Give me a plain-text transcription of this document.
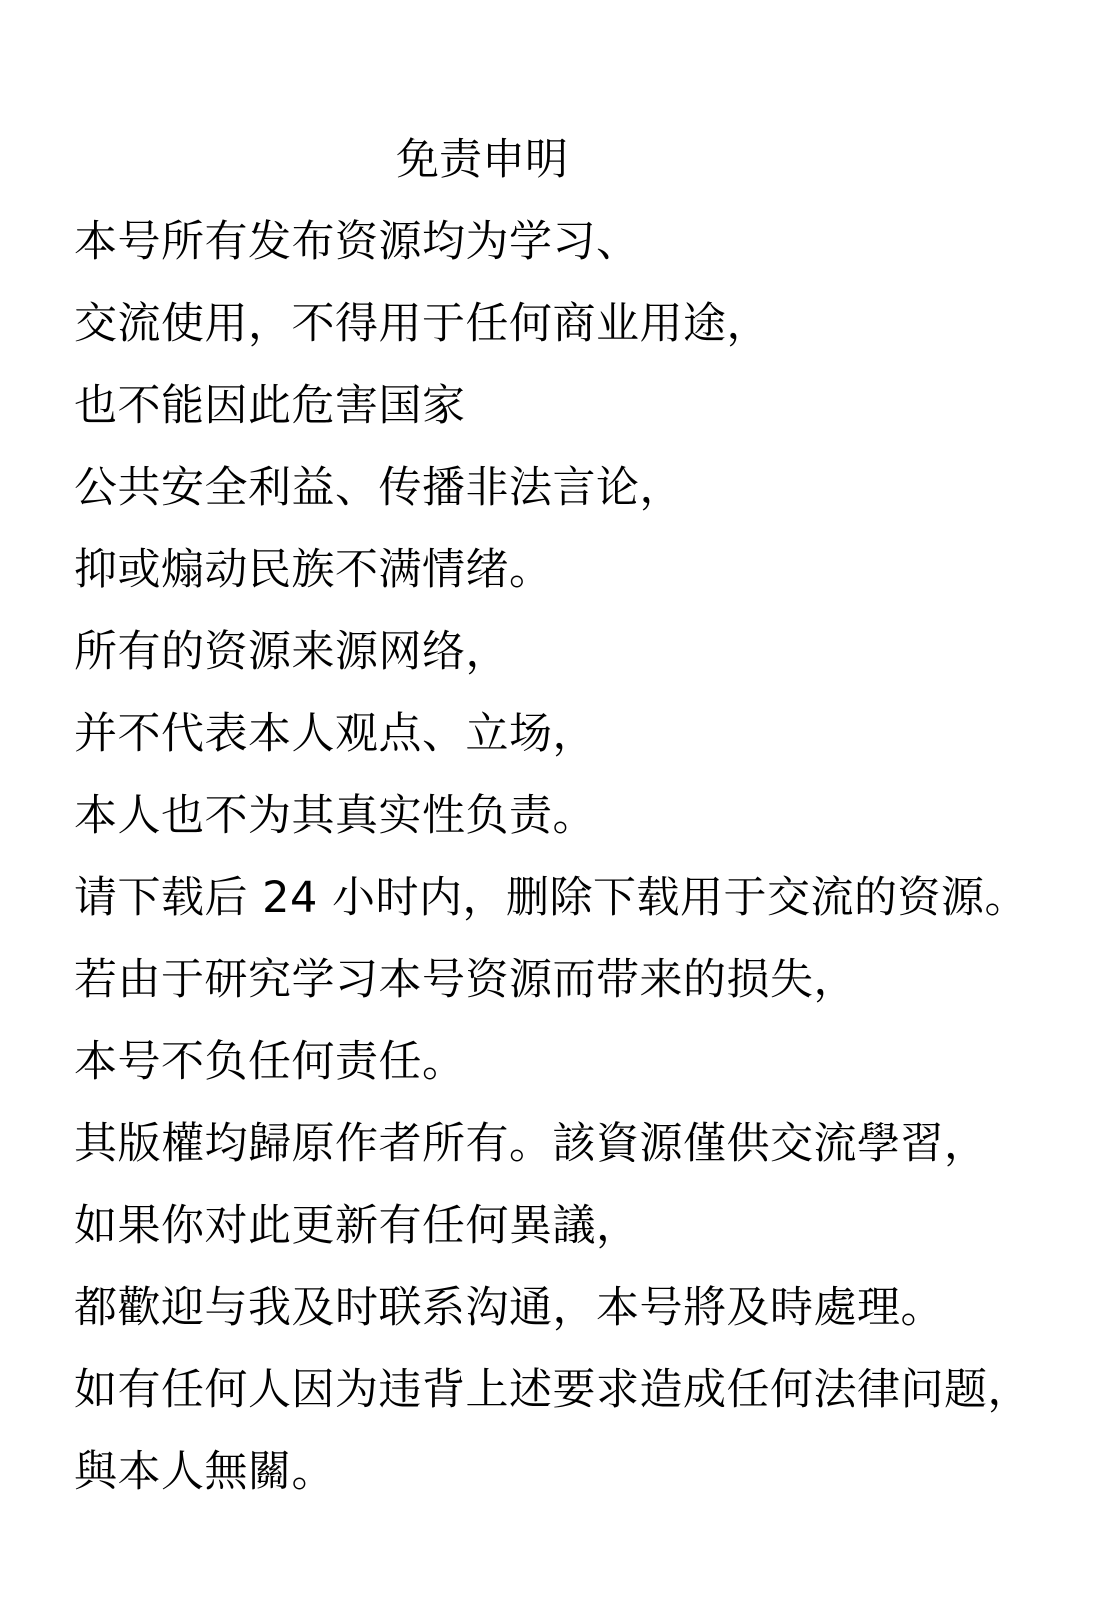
免责申明
本号所有发布资源均为学习、
交流使用，不得用于任何商业用途，
也不能因此危害国家
公共安全利益、传播非法言论，
抑或煽动民族不满情绪。
所有的资源来源网络，
并不代表本人观点、立场，
本人也不为其真实性负责。
请下载后 24 小时内，删除下载用于交流的资源。
若由于研究学习本号资源而带来的损失，
本号不负任何责任。
其版權均歸原作者所有。該資源僅供交流學習，
如果你对此更新有任何異議，
都歡迎与我及时联系沟通，本号將及時處理。
如有任何人因为违背上述要求造成任何法律问题，
與本人無關。
